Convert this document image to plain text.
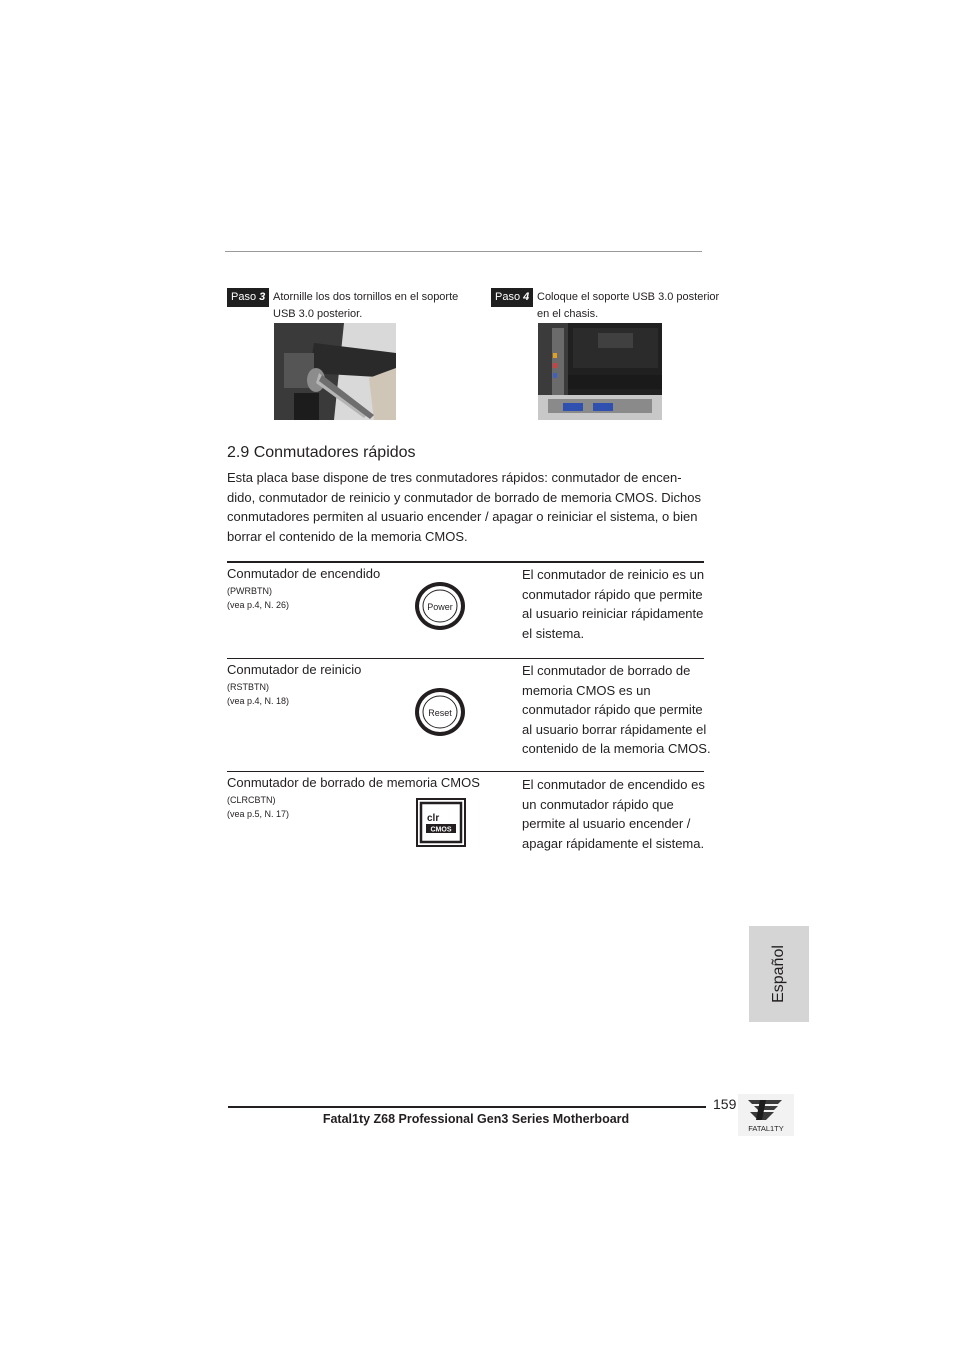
Paso 3 Atornille los dos tornillos en el soporte
USB 3.0 posterior.
Paso 4 Coloque el soporte USB 3.0 posterior
en el chasis.
2.9 Conmutadores rápidos
Esta placa base dispone de tres conmutadores rápidos: conmutador de encen-
dido, conmutador de reinicio y conmutador de borrado de memoria CMOS. Dichos
conmutadores permiten al usuario encender / apagar o reiniciar el sistema, o bien
borrar el contenido de la memoria CMOS.
Conmutador de encendido
(PWRBTN)
(vea p.4, N. 26)	Power
El conmutador de reinicio es un
conmutador rápido que permite
al usuario reiniciar rápidamente
el sistema.
Conmutador de reinicio
(RSTBTN)
(vea p.4, N. 18)
Reset
El conmutador de borrado de
memoria CMOS es un
conmutador rápido que permite
al usuario borrar rápidamente el
contenido de la memoria CMOS.
Conmutador de borrado de memoria CMOS
(CLRCBTN)
(vea p.5, N. 17)	clr
CMOS
El conmutador de encendido es
un conmutador rápido que
permite al usuario encender /
apagar rápidamente el sistema.
Español
159
Fatal1ty Z68 Professional Gen3 Series Motherboard
FATAL1TY
